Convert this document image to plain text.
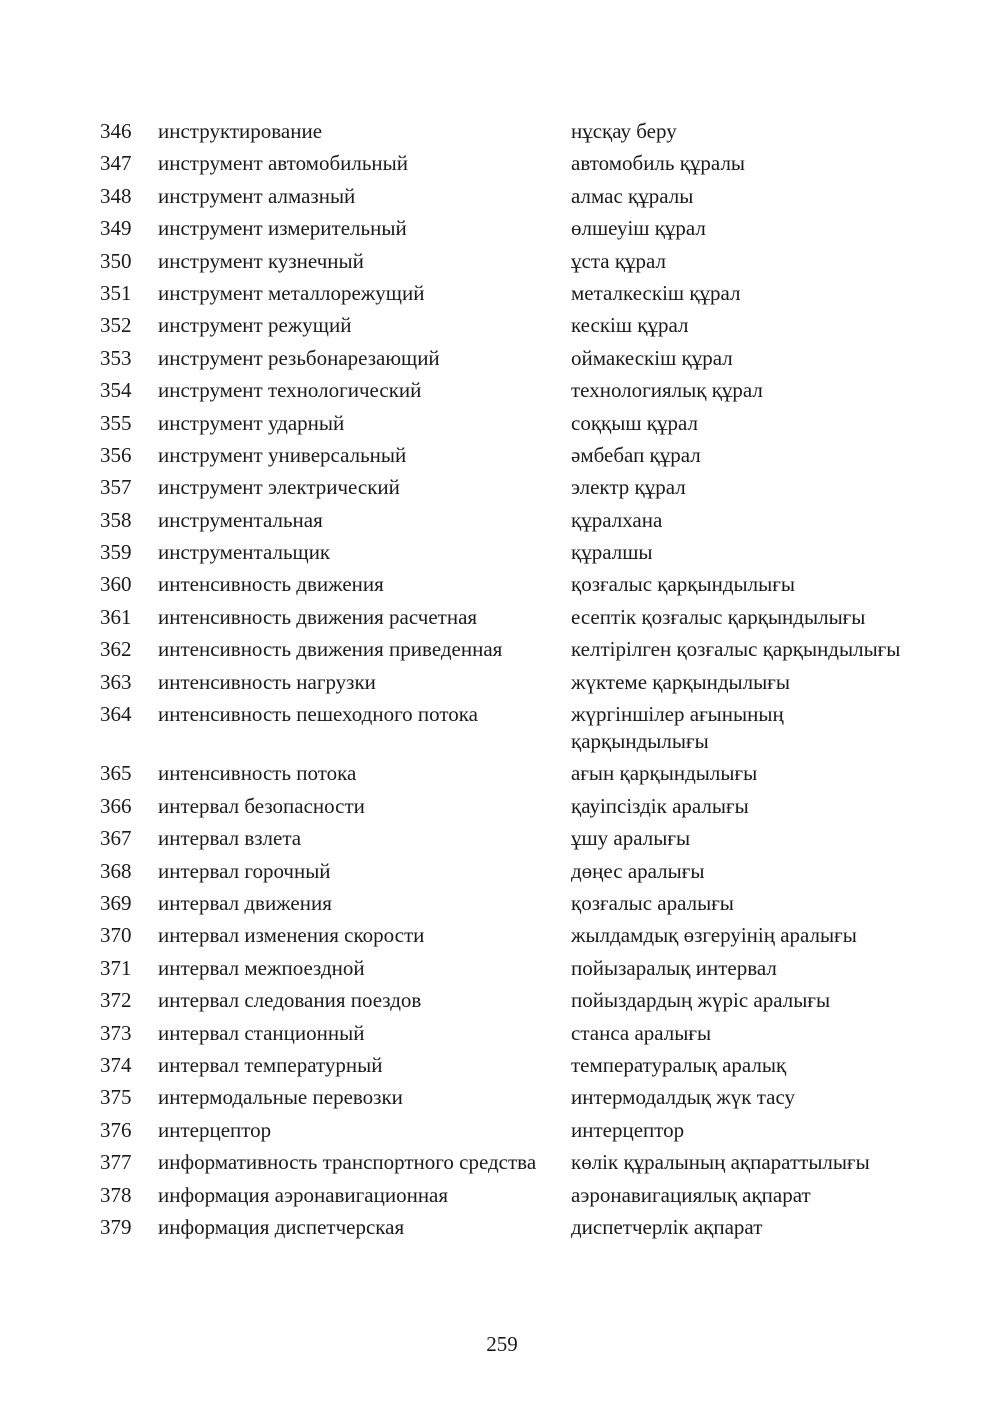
346	инструктирование	нұсқау беру
347	инструмент автомобильный	автомобиль құралы
348	инструмент алмазный	алмас құралы
349	инструмент измерительный	өлшеуіш құрал
350	инструмент кузнечный	ұста құрал
351	инструмент металлорежущий	металкескіш құрал
352	инструмент режущий	кескіш құрал
353	инструмент резьбонарезающий	оймакескіш құрал
354	инструмент технологический	технологиялық құрал
355	инструмент ударный	соққыш құрал
356	инструмент универсальный	әмбебап құрал
357	инструмент электрический	электр құрал
358	инструментальная	құралхана
359	инструментальщик	құралшы
360	интенсивность движения	қозғалыс қарқындылығы
361	интенсивность движения расчетная	есептік қозғалыс қарқындылығы
362	интенсивность движения приведенная	келтірілген қозғалыс қарқындылығы
363	интенсивность нагрузки	жүктеме қарқындылығы
364	интенсивность пешеходного потока	жүргіншілер ағынының қарқындылығы
365	интенсивность потока	ағын қарқындылығы
366	интервал безопасности	қауіпсіздік аралығы
367	интервал взлета	ұшу аралығы
368	интервал горочный	дөңес аралығы
369	интервал движения	қозғалыс аралығы
370	интервал изменения скорости	жылдамдық өзгеруінің аралығы
371	интервал межпоездной	пойызаралық интервал
372	интервал следования поездов	пойыздардың жүріс аралығы
373	интервал станционный	станса аралығы
374	интервал температурный	температуралық аралық
375	интермодальные перевозки	интермодалдық жүк тасу
376	интерцептор	интерцептор
377	информативность транспортного средства	көлік құралының ақпараттылығы
378	информация аэронавигационная	аэронавигациялық ақпарат
379	информация диспетчерская	диспетчерлік ақпарат
259
